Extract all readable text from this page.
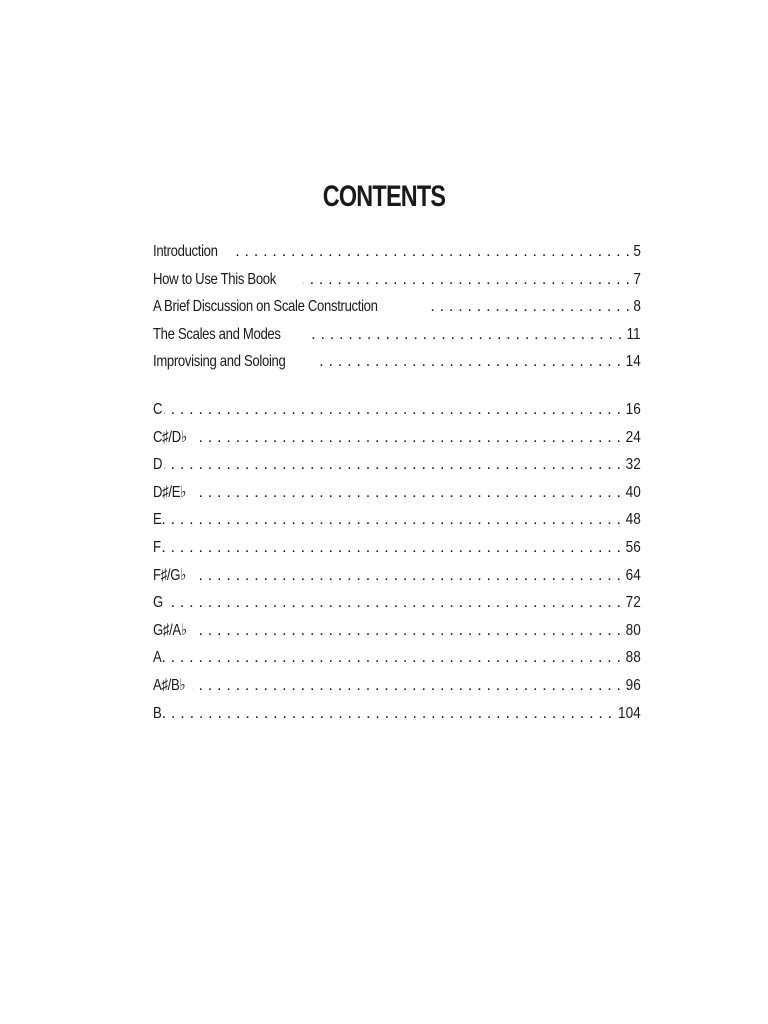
CONTENTS
Introduction . . .	5
How to Use This Book . . .	7
A Brief Discussion on Scale Construction . . .	8
The Scales and Modes . . .	11
Improvising and Soloing . . .	14
C . . .	16
C♯/D♭ . . .	24
D . . .	32
D♯/E♭ . . .	40
E . . .	48
F . . .	56
F♯/G♭ . . .	64
G . . .	72
G♯/A♭ . . .	80
A . . .	88
A♯/B♭ . . .	96
B . . .	104
